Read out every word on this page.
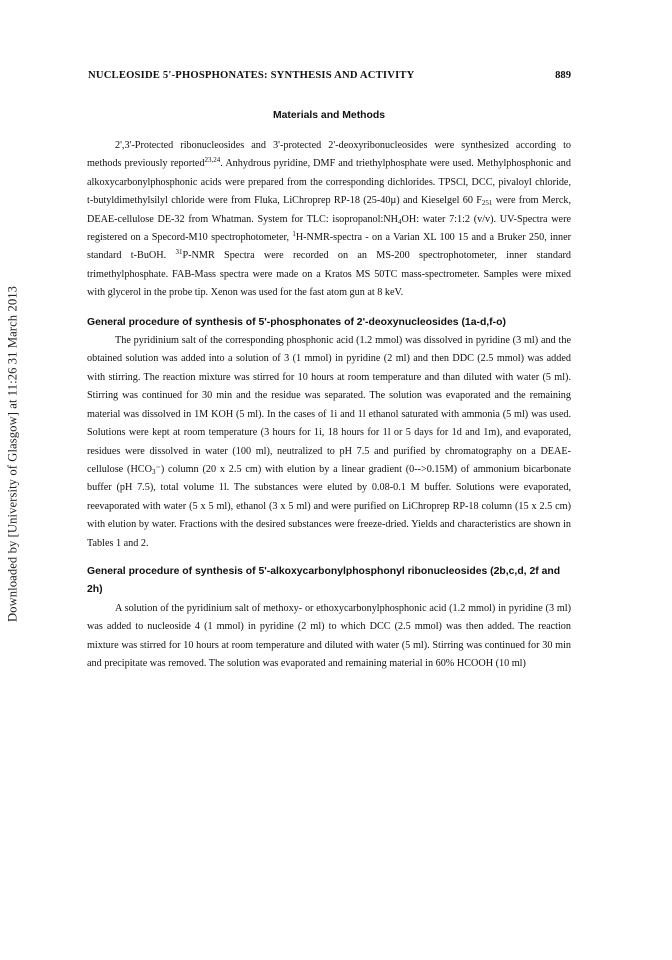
Downloaded by [University of Glasgow] at 11:26 31 March 2013
NUCLEOSIDE 5'-PHOSPHONATES: SYNTHESIS AND ACTIVITY	889
Materials and Methods

2',3'-Protected ribonucleosides and 3'-protected 2'-deoxyribonucleosides were synthesized according to methods previously reported$^{23,24}$. Anhydrous pyridine, DMF and triethylphosphate were used. Methylphosphonic and alkoxycarbonylphosphonic acids were prepared from the corresponding dichlorides. TPSCl, DCC, pivaloyl chloride, t-butyldimethylsilyl chloride were from Fluka, LiChroprep RP-18 (25-40µ) and Kieselgel 60 $F_{251}$ were from Merck, DEAE-cellulose DE-32 from Whatman. System for TLC: $isopropanol:NH_4OH$: water 7:1:2 (v/v). UV-Spectra were registered on a Specord-M10 spectrophotometer, $^1$H-NMR-spectra - on a Varian XL 100 15 and a Bruker 250, inner standard t-BuOH. $^{31}$P-NMR Spectra were recorded on an MS-200 spectrophotometer, inner standard trimethylphosphate. FAB-Mass spectra were made on a Kratos MS 50TC mass-spectrometer. Samples were mixed with glycerol in the probe tip. Xenon was used for the fast atom gun at 8 keV.

General procedure of synthesis of 5'-phosphonates of 2'-deoxynucleosides (1a-d,f-o)

The pyridinium salt of the corresponding phosphonic acid (1.2 mmol) was dissolved in pyridine (3 ml) and the obtained solution was added into a solution of 3 (1 mmol) in pyridine (2 ml) and then DDC (2.5 mmol) was added with stirring. The reaction mixture was stirred for 10 hours at room temperature and than diluted with water (5 ml). Stirring was continued for 30 min and the residue was separated. The solution was evaporated and the remaining material was dissolved in 1M KOH (5 ml). In the cases of 1i and 1l ethanol saturated with ammonia (5 ml) was used. Solutions were kept at room temperature (3 hours for 1i, 18 hours for 1l or 5 days for 1d and 1m), and evaporated, residues were dissolved in water (100 ml), neutralized to pH 7.5 and purified by chromatography on a DEAE-cellulose $(HCO_3^-)$ column (20 x 2.5 cm) with elution by a linear gradient (0-->0.15M) of ammonium bicarbonate buffer (pH 7.5), total volume 1l. The substances were eluted by 0.08-0.1 M buffer. Solutions were evaporated, reevaporated with water (5 x 5 ml), ethanol (3 x 5 ml) and were purified on LiChroprep RP-18 column (15 x 2.5 cm) with elution by water. Fractions with the desired substances were freeze-dried. Yields and characteristics are shown in Tables 1 and 2.

General procedure of synthesis of 5'-alkoxycarbonylphosphonyl ribonucleosides (2b,c,d, 2f and 2h)

A solution of the pyridinium salt of methoxy- or ethoxycarbonylphosphonic acid (1.2 mmol) in pyridine (3 ml) was added to nucleoside 4 (1 mmol) in pyridine (2 ml) to which DCC (2.5 mmol) was then added. The reaction mixture was stirred for 10 hours at room temperature and diluted with water (5 ml). Stirring was continued for 30 min and precipitate was removed. The solution was evaporated and remaining material in 60% HCOOH (10 ml)
